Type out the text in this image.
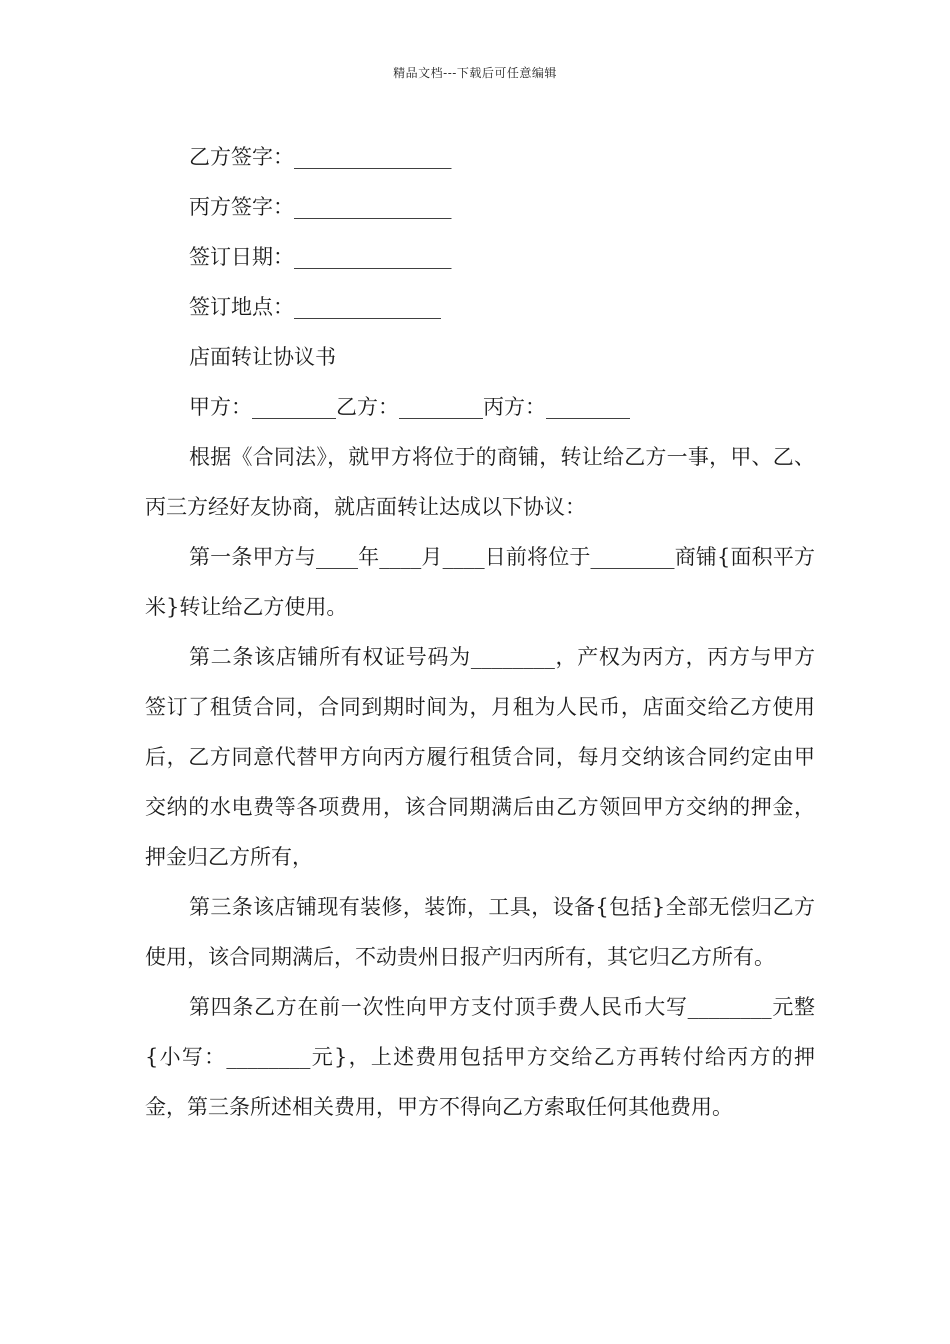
精品文档---下载后可任意编辑

乙方签字：_______________

丙方签字：_______________

签订日期：_______________

签订地点：______________

店面转让协议书

甲方：________乙方：________丙方：________

根据《合同法》，就甲方将位于的商铺，转让给乙方一事，甲、乙、丙三方经好友协商，就店面转让达成以下协议：

第一条甲方与____年____月____日前将位于________商铺{面积平方米}转让给乙方使用。

第二条该店铺所有权证号码为________，产权为丙方，丙方与甲方签订了租赁合同，合同到期时间为，月租为人民币，店面交给乙方使用后，乙方同意代替甲方向丙方履行租赁合同，每月交纳该合同约定由甲交纳的水电费等各项费用，该合同期满后由乙方领回甲方交纳的押金，押金归乙方所有，

第三条该店铺现有装修，装饰，工具，设备{包括}全部无偿归乙方使用，该合同期满后，不动贵州日报产归丙所有，其它归乙方所有。

第四条乙方在前一次性向甲方支付顶手费人民币大写________元整{小写：________元}，上述费用包括甲方交给乙方再转付给丙方的押金，第三条所述相关费用，甲方不得向乙方索取任何其他费用。
